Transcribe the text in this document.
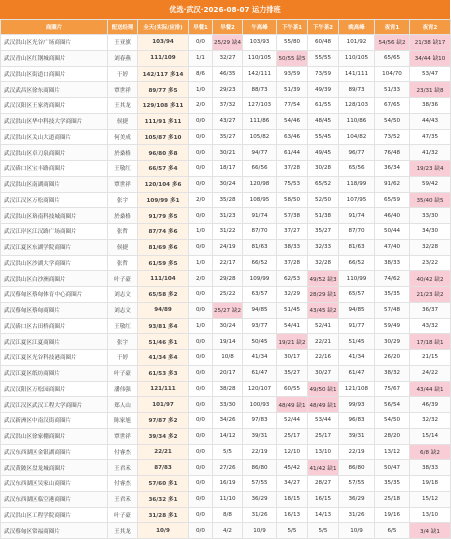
优选·武汉·2026-08-07 运力排班
商圈片	配送经理	全天(实际/应排)	早餐1	早餐2	午高峰	下午茶1	下午茶2	晚高峰	夜宵1	夜宵2
武汉洪山区光谷广场商圈片	王亚旗	103/94	0/0	25/29 缺4	103/93	55/80	60/48	101/92	54/56 缺2	21/38 缺17
武汉青山区红钢城商圈片	刘春燕	111/109	1/1	32/27	110/105	50/55 缺5	55/55	110/105	65/65	34/44 缺10
武汉洪山区街道口商圈片	于婷	142/117 多14	8/6	46/35	142/111	93/59	73/59	141/111	104/70	53/47
武汉武昌区徐东商圈片	覃世祥	89/77 多5	1/0	29/23	88/73	51/39	49/39	89/73	51/33	23/31 缺8
武汉汉阳区王家湾商圈片	王其龙	129/108 多11	2/0	37/32	127/103	77/54	61/55	128/103	67/65	38/36
武汉洪山区华中科技大学商圈片	侯捷	111/91 多11	0/0	43/27	111/86	54/46	48/45	110/86	54/50	44/43
武汉洪山区关山大道商圈片	何美成	105/87 多10	0/0	35/27	105/82	63/46	55/45	104/82	73/52	47/35
武汉洪山区卓刀泉商圈片	於桑格	96/80 多8	0/0	30/21	94/77	61/44	49/45	96/77	76/48	41/32
武汉硚口区宝丰路商圈片	王敬红	66/57 多4	0/0	18/17	66/56	37/28	30/28	65/56	36/34	19/23 缺4
武汉洪山区南湖商圈片	覃世祥	120/104 多6	0/0	30/24	120/98	75/53	65/52	118/99	91/62	59/42
武汉江汉区万松商圈片	张宇	109/99 多1	2/0	35/28	108/95	58/50	52/50	107/95	65/59	35/40 缺5
武汉洪山区珞南科技城商圈片	於桑格	91/79 多5	0/0	31/23	91/74	57/38	51/38	91/74	46/40	33/30
武汉江岸区江汉路广场商圈片	张哲	87/74 多6	1/0	31/22	87/70	37/27	35/27	87/70	50/44	34/30
武汉江夏区东湖学院商圈片	侯捷	81/69 多6	0/0	24/19	81/63	38/33	32/33	81/63	47/40	32/28
武汉洪山区沙湖大学商圈片	张哲	61/59 多5	1/0	22/17	66/52	37/28	32/28	66/52	38/33	23/22
武汉洪山区白沙洲商圈片	叶子豪	111/104	2/0	29/28	109/99	62/53	49/52 缺3	110/99	74/62	40/42 缺2
武汉蔡甸区蔡甸体育中心商圈片	刘志文	65/58 多2	0/0	25/22	63/57	32/29	28/29 缺1	65/57	35/35	21/23 缺2
武汉蔡甸区蔡甸商圈片	刘志文	94/89	0/0	25/27 缺2	94/85	51/45	43/45 缺2	94/85	57/48	36/37
武汉硚口区古田桥商圈片	王敬红	93/81 多4	1/0	30/24	93/77	54/41	52/41	91/77	59/49	43/32
武汉江夏区江夏商圈片	张宇	51/46 多1	0/0	19/14	50/45	19/21 缺2	22/21	51/45	30/29	17/18 缺1
武汉江夏区光谷科技港商圈片	于婷	41/34 多4	0/0	10/8	41/34	30/17	22/16	41/34	26/20	21/15
武汉江夏区纸坊商圈片	叶子豪	61/53 多3	0/0	20/17	61/47	35/27	30/27	61/47	38/32	24/22
武汉汉阳区万松园商圈片	潘伟强	121/111	0/0	38/28	120/107	60/55	49/50 缺1	121/108	75/67	43/44 缺1
武汉江汉区武汉工程大学商圈片	郑人山	101/97	0/0	33/30	100/93	48/49 缺1	48/49 缺1	99/93	56/54	46/39
武汉新洲区中南汉街商圈片	陈家旭	97/87 多2	0/0	34/26	97/83	52/44	53/44	96/83	54/50	32/32
武汉洪山区徐家棚商圈片	覃世祥	39/34 多2	0/0	14/12	39/31	25/17	25/17	39/31	28/20	15/14
武汉东西湖区金银湖商圈片	付睿杰	22/21	0/0	5/5	22/19	12/10	13/10	22/19	13/12	6/8 缺2
武汉黄陂区盘龙城商圈片	王君禾	87/83	0/0	27/26	86/80	45/42	41/42 缺1	86/80	50/47	38/33
武汉东西湖区吴家山商圈片	付睿杰	57/60 多1	0/0	16/19	57/55	34/27	28/27	57/55	35/35	19/18
武汉东西湖区临空港商圈片	王君禾	36/32 多1	0/0	11/10	36/29	18/15	16/15	36/29	25/18	15/12
武汉洪山区工程学院商圈片	叶子豪	31/28 多1	0/0	8/8	31/26	16/13	14/13	31/26	19/16	13/10
武汉蔡甸区常福商圈片	王其龙	10/9	0/0	4/2	10/9	5/5	5/5	10/9	6/5	3/4 缺1
